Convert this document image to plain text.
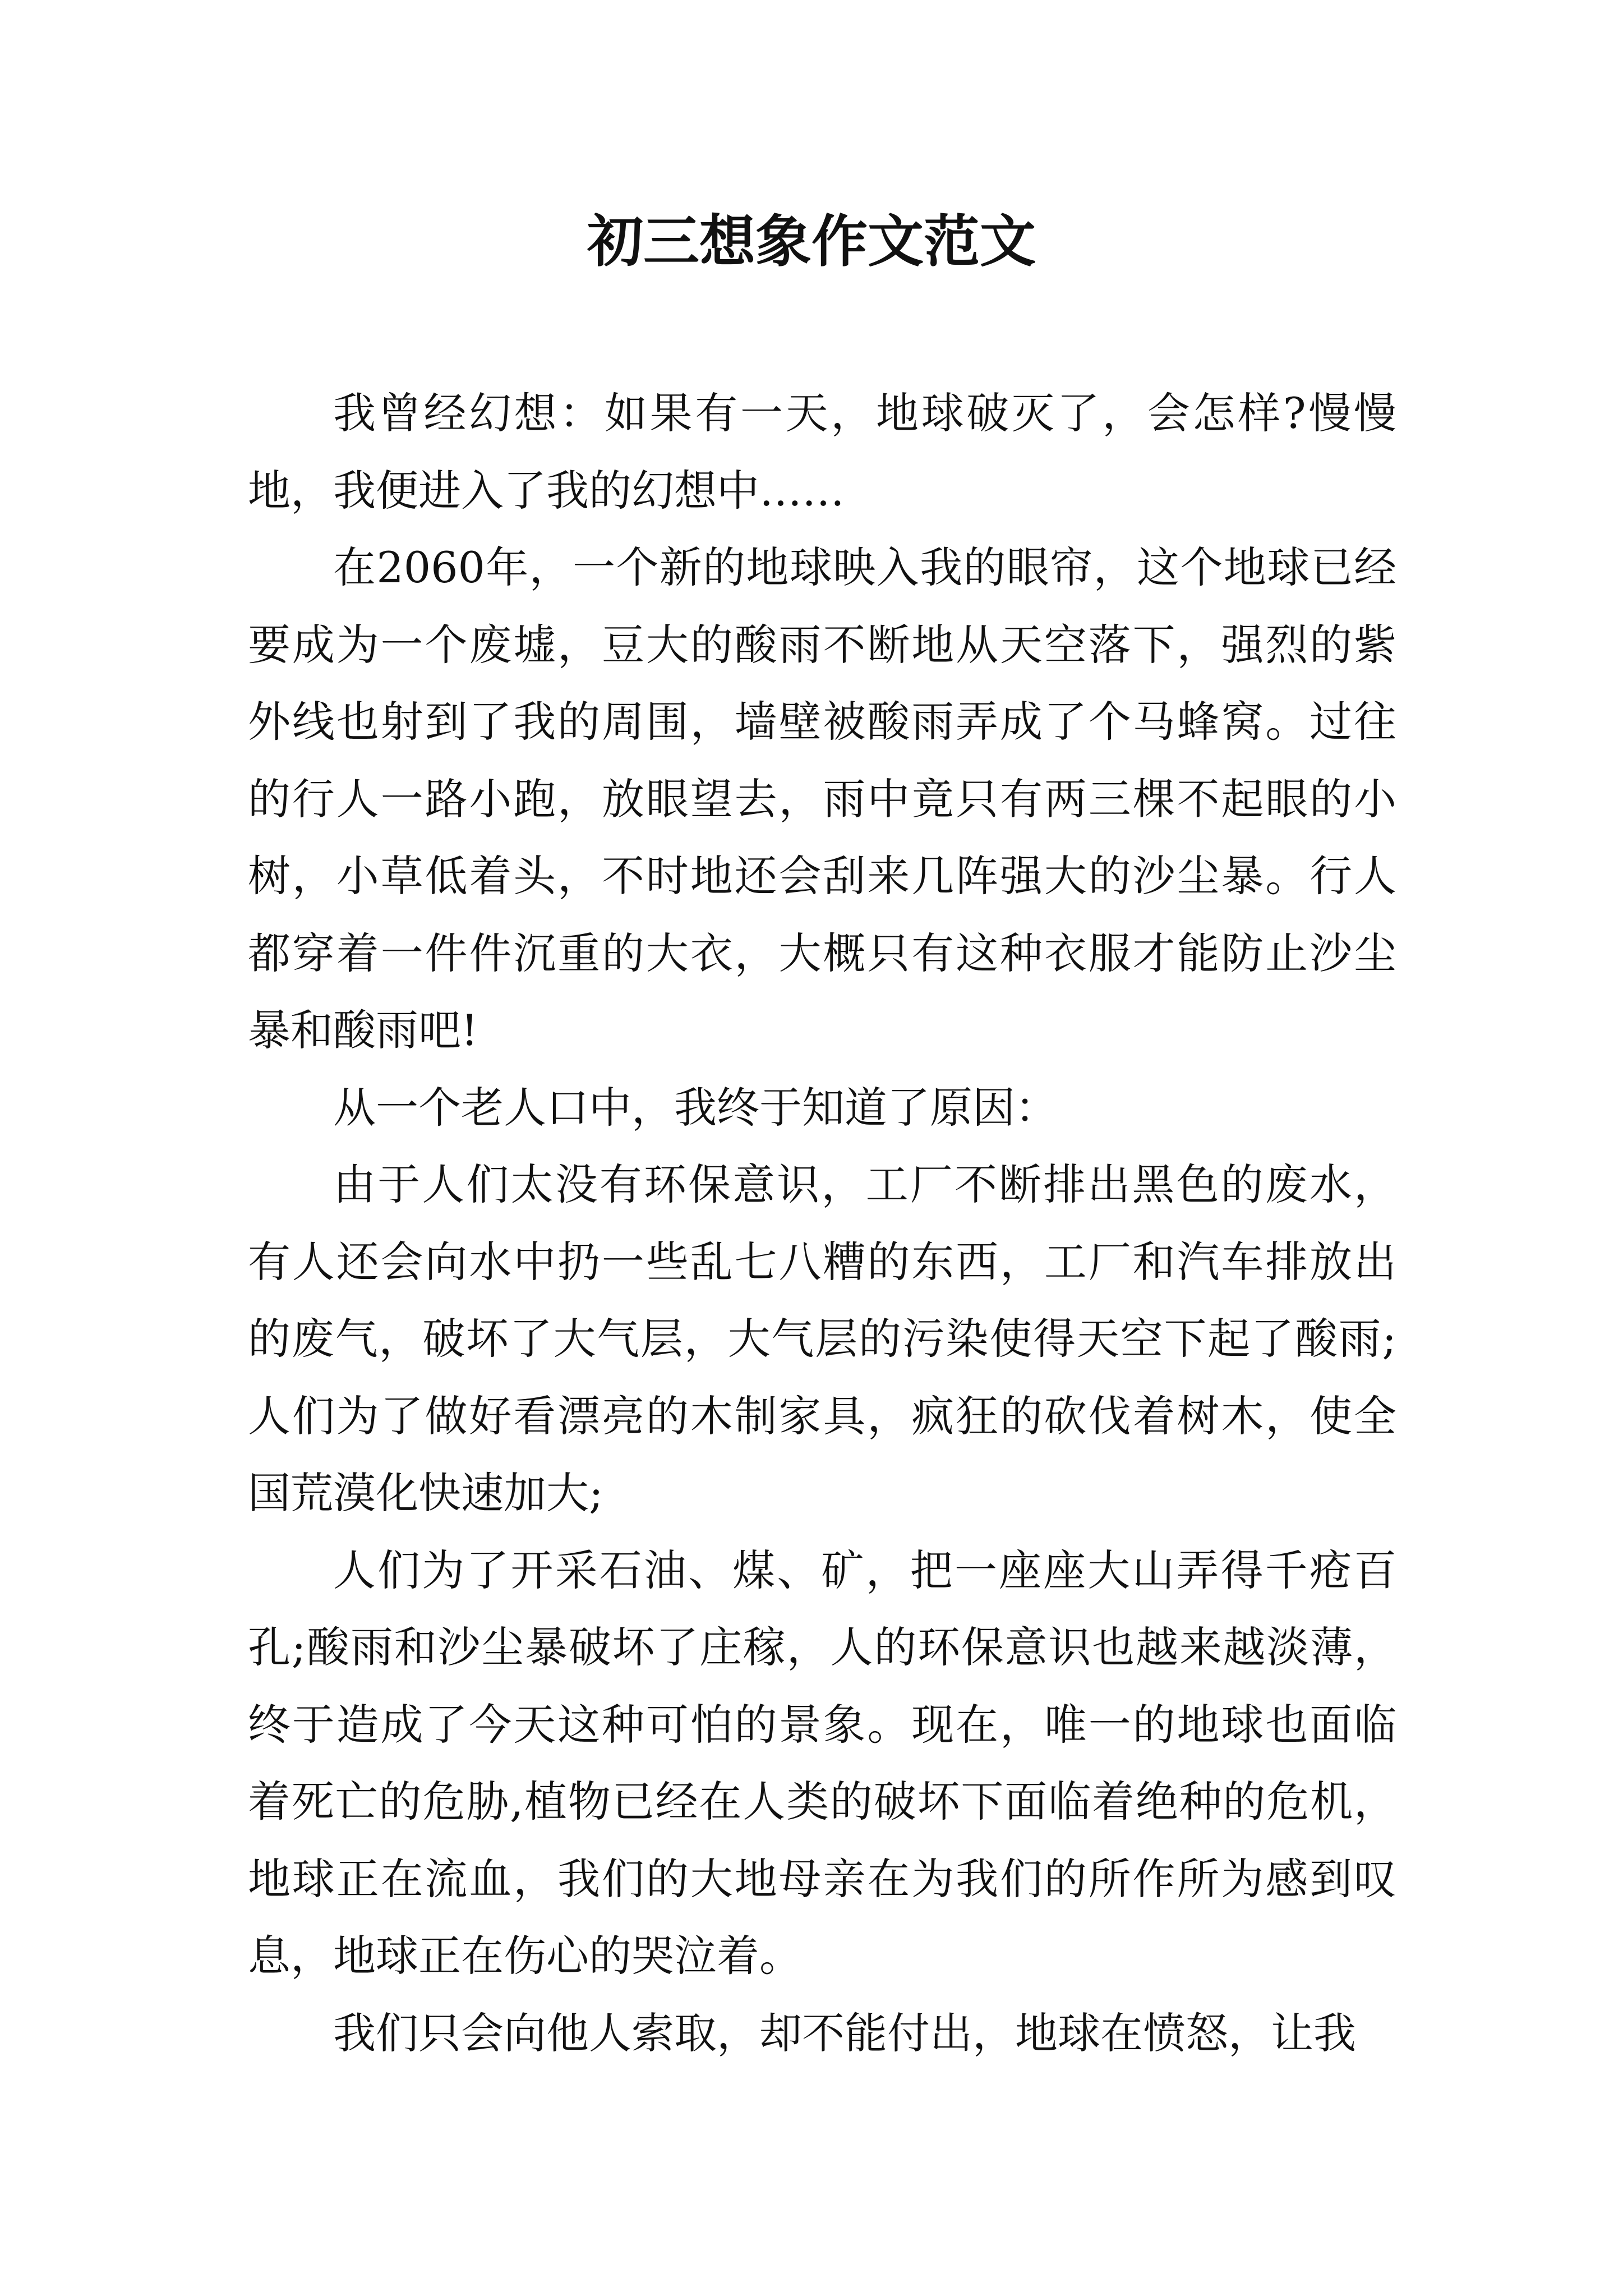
初三想象作文范文

我曾经幻想：如果有一天，地球破灭了，会怎样?慢慢地，我便进入了我的幻想中……

在2060年，一个新的地球映入我的眼帘，这个地球已经要成为一个废墟，豆大的酸雨不断地从天空落下，强烈的紫外线也射到了我的周围，墙壁被酸雨弄成了个马蜂窝。过往的行人一路小跑，放眼望去，雨中竟只有两三棵不起眼的小树，小草低着头，不时地还会刮来几阵强大的沙尘暴。行人都穿着一件件沉重的大衣，大概只有这种衣服才能防止沙尘暴和酸雨吧!

从一个老人口中，我终于知道了原因：

由于人们太没有环保意识，工厂不断排出黑色的废水，有人还会向水中扔一些乱七八糟的东西，工厂和汽车排放出的废气，破坏了大气层，大气层的污染使得天空下起了酸雨;人们为了做好看漂亮的木制家具，疯狂的砍伐着树木，使全国荒漠化快速加大;

人们为了开采石油、煤、矿，把一座座大山弄得千疮百孔;酸雨和沙尘暴破坏了庄稼，人的环保意识也越来越淡薄，终于造成了今天这种可怕的景象。现在，唯一的地球也面临着死亡的危胁,植物已经在人类的破坏下面临着绝种的危机，地球正在流血，我们的大地母亲在为我们的所作所为感到叹息，地球正在伤心的哭泣着。

我们只会向他人索取，却不能付出，地球在愤怒，让我
